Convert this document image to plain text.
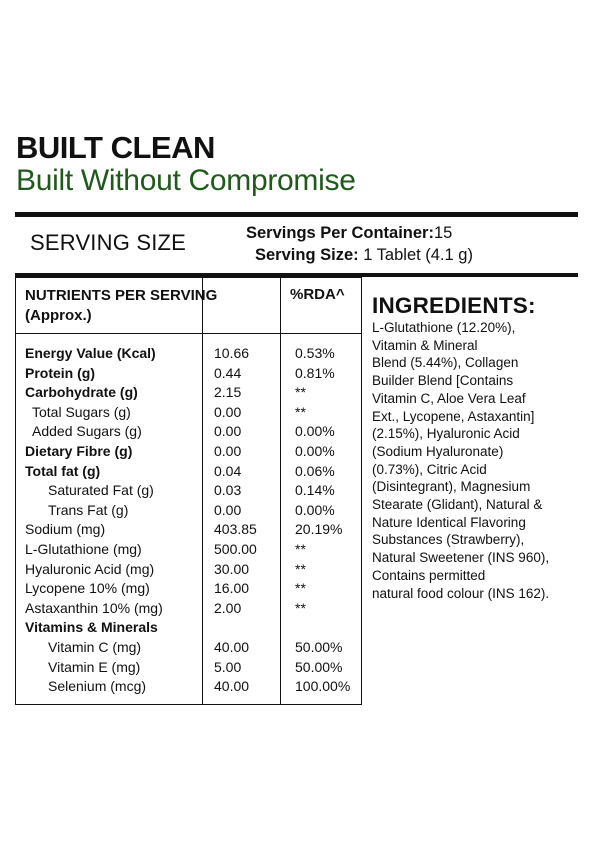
BUILT CLEAN
Built Without Compromise
SERVING SIZE	Servings Per Container:15
Serving Size: 1 Tablet (4.1 g)
NUTRIENTS PER SERVING
(Approx.)
%RDA^
Energy Value (Kcal)	10.66	0.53%
Protein (g)	0.44	0.81%
Carbohydrate (g)	2.15	**
Total Sugars (g)	0.00	**
Added Sugars (g)	0.00	0.00%
Dietary Fibre (g)	0.00	0.00%
Total fat (g)	0.04	0.06%
Saturated Fat (g)	0.03	0.14%
Trans Fat (g)	0.00	0.00%
Sodium (mg)	403.85	20.19%
L-Glutathione (mg)	500.00	**
Hyaluronic Acid (mg)	30.00	**
Lycopene 10% (mg)	16.00	**
Astaxanthin 10% (mg)	2.00	**
Vitamins & Minerals
Vitamin C (mg)	40.00	50.00%
Vitamin E (mg)	5.00	50.00%
Selenium (mcg)	40.00	100.00%
INGREDIENTS:
L-Glutathione (12.20%),
Vitamin & Mineral
Blend (5.44%), Collagen
Builder Blend [Contains
Vitamin C, Aloe Vera Leaf
Ext., Lycopene, Astaxantin]
(2.15%), Hyaluronic Acid
(Sodium Hyaluronate)
(0.73%), Citric Acid
(Disintegrant), Magnesium
Stearate (Glidant), Natural &
Nature Identical Flavoring
Substances (Strawberry),
Natural Sweetener (INS 960),
Contains permitted
natural food colour (INS 162).
